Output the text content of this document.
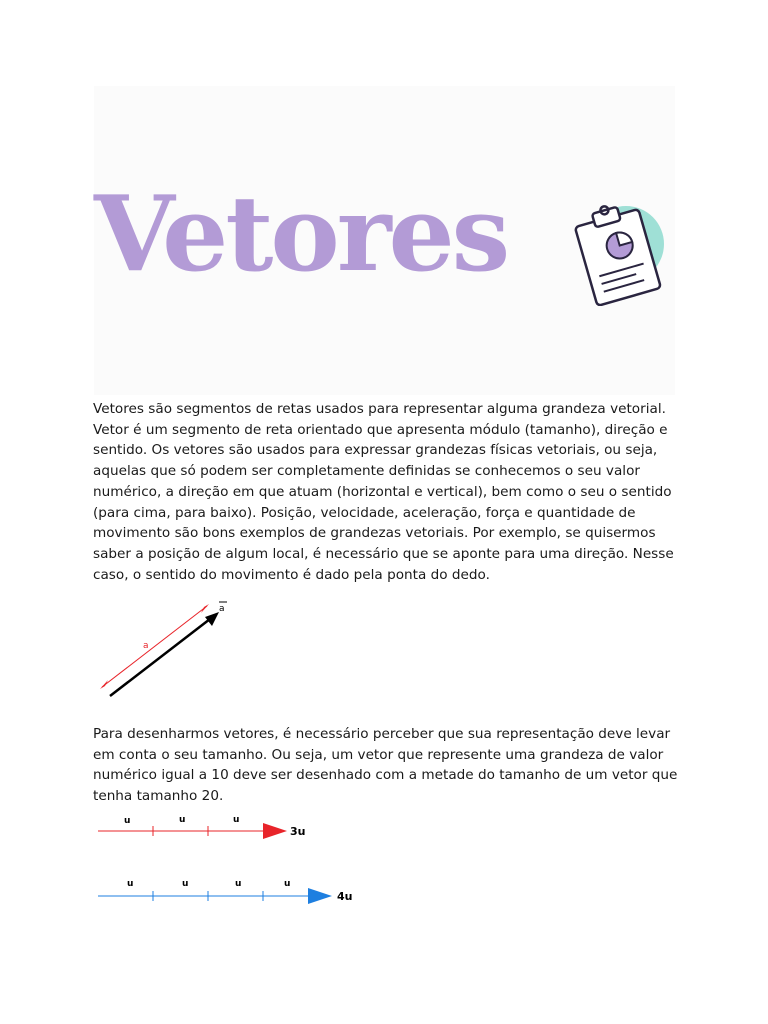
Vetores

Vetores são segmentos de retas usados para representar alguma grandeza vetorial. Vetor é um segmento de reta orientado que apresenta módulo (tamanho), direção e sentido. Os vetores são usados para expressar grandezas físicas vetoriais, ou seja, aquelas que só podem ser completamente definidas se conhecemos o seu valor numérico, a direção em que atuam (horizontal e vertical), bem como o seu o sentido (para cima, para baixo). Posição, velocidade, aceleração, força e quantidade de movimento são bons exemplos de grandezas vetoriais. Por exemplo, se quisermos saber a posição de algum local, é necessário que se aponte para uma direção. Nesse caso, o sentido do movimento é dado pela ponta do dedo.

a
a

Para desenharmos vetores, é necessário perceber que sua representação deve levar em conta o seu tamanho. Ou seja, um vetor que represente uma grandeza de valor numérico igual a 10 deve ser desenhado com a metade do tamanho de um vetor que tenha tamanho 20.

u	u	u
3u
u	u	u	u
4u
